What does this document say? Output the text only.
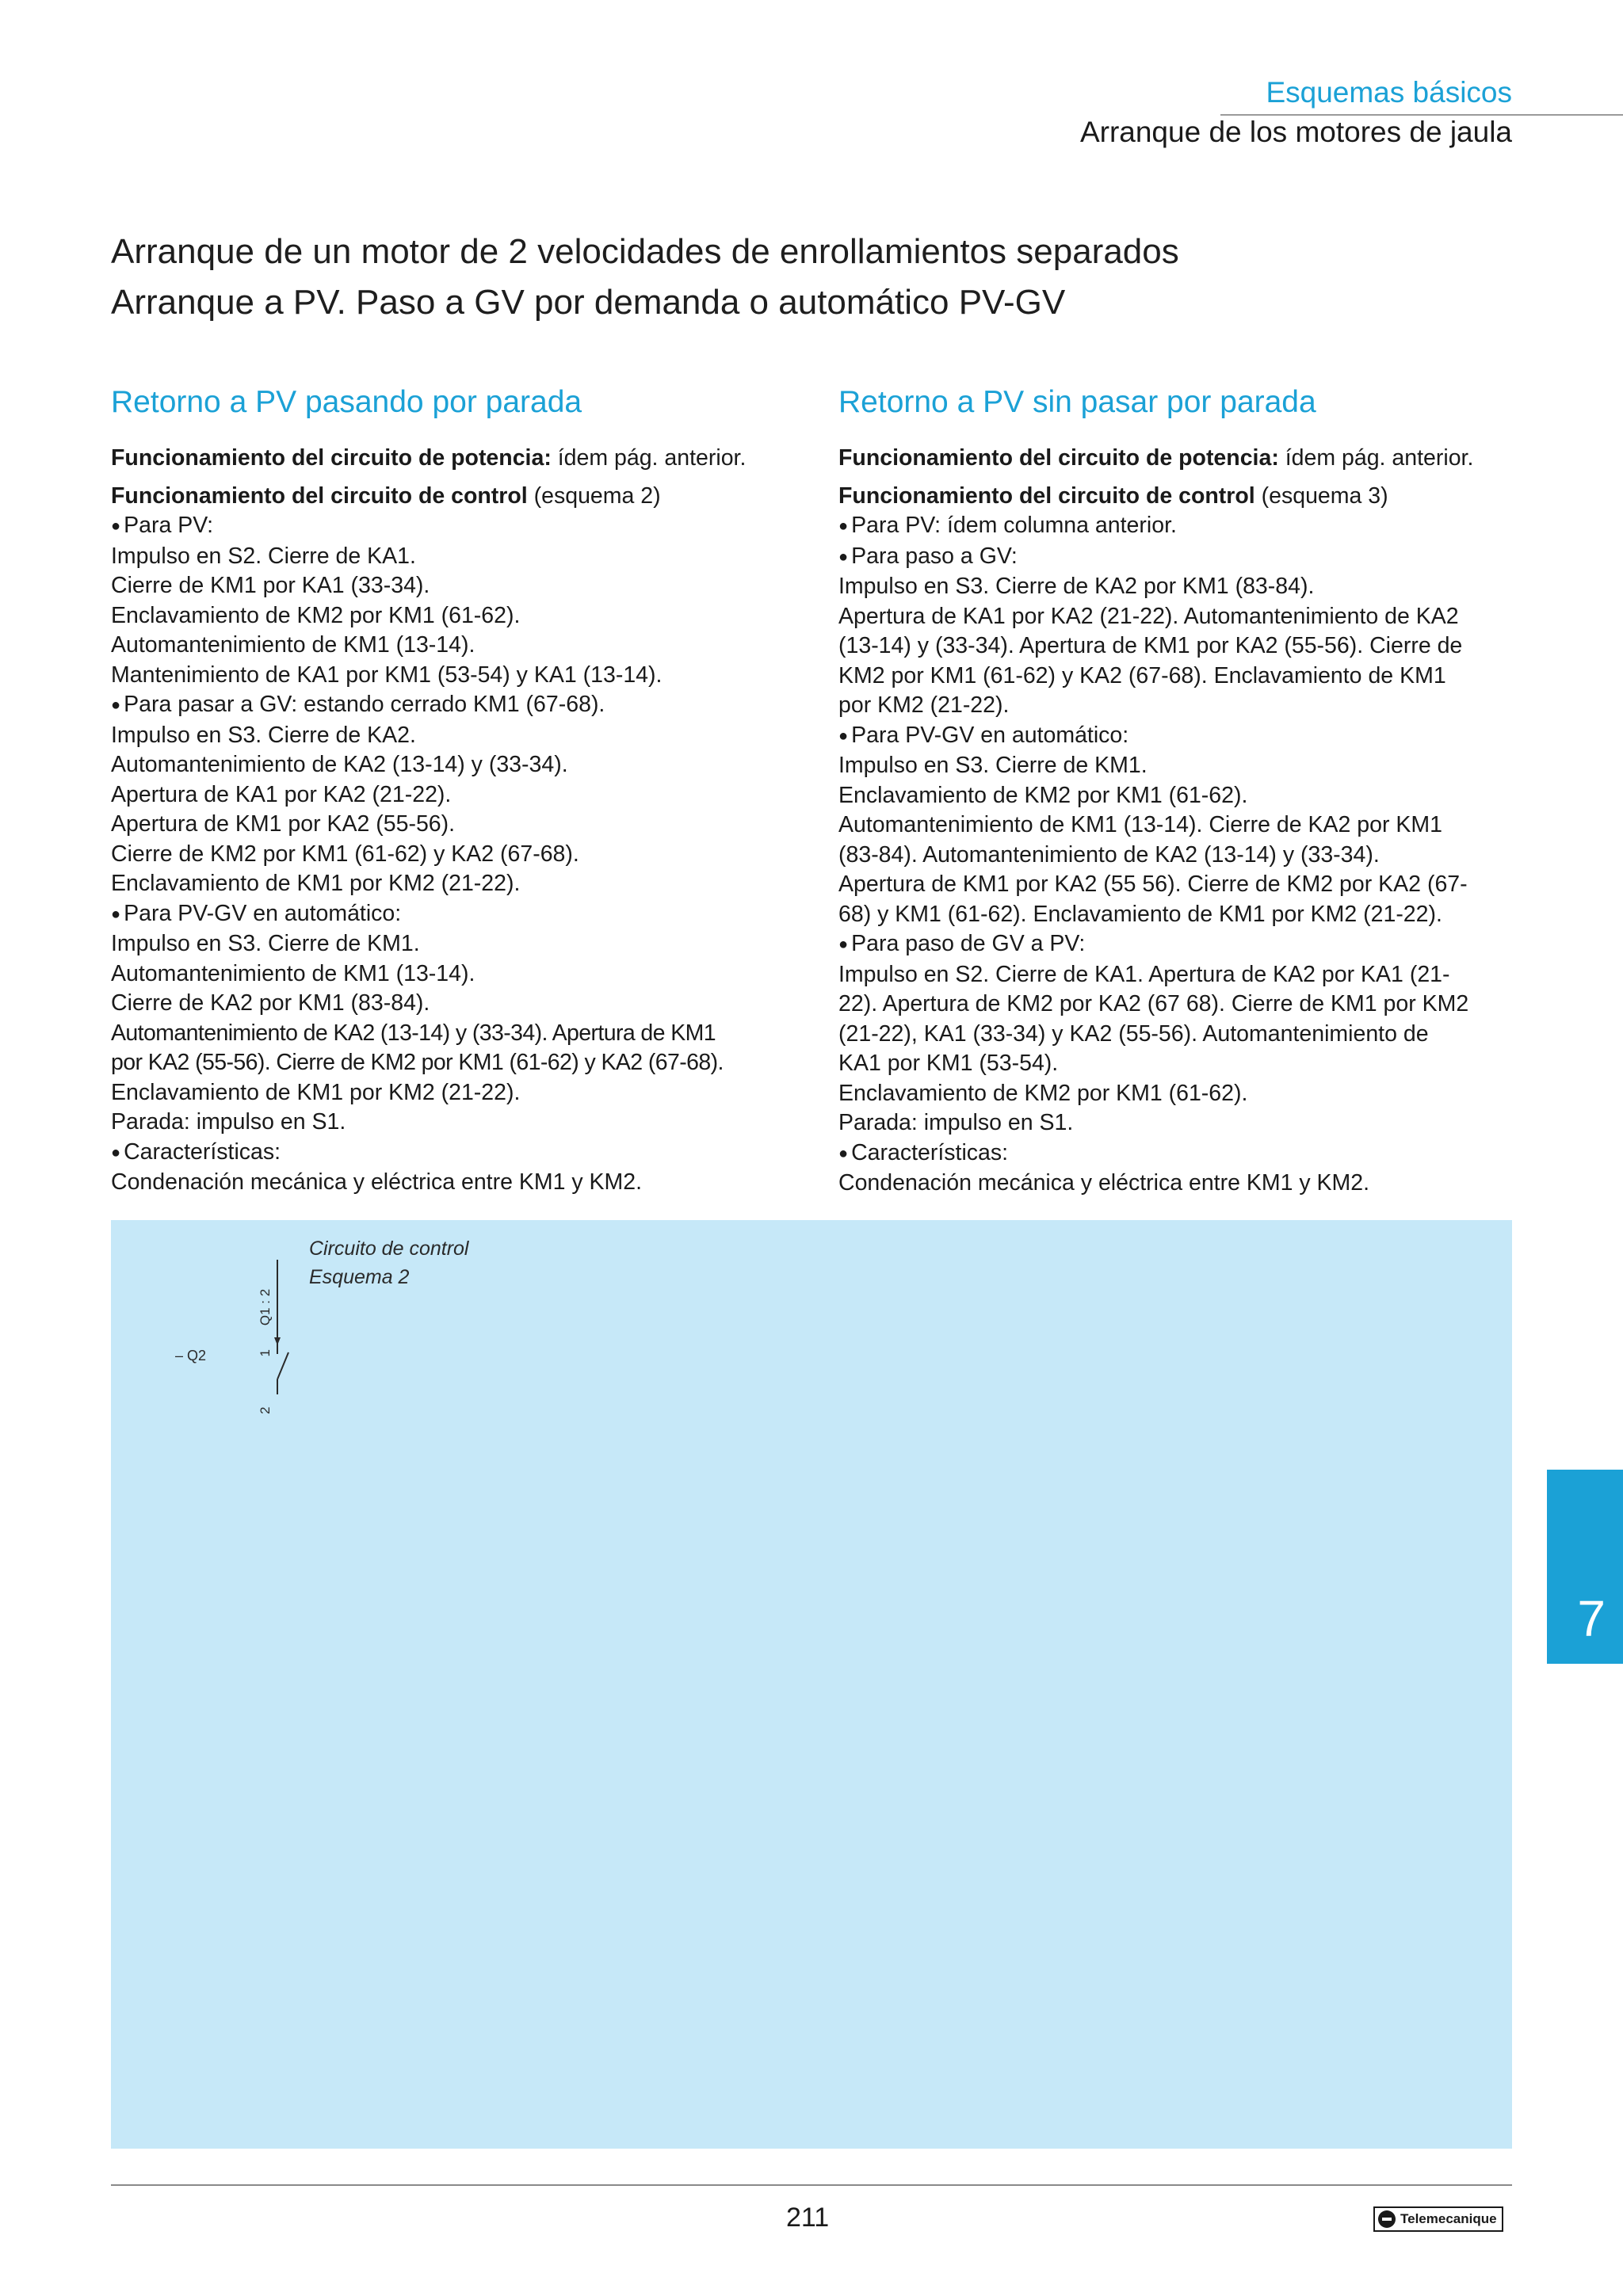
Esquemas básicos
Arranque de los motores de jaula
Arranque de un motor de 2 velocidades de enrollamientos separados
Arranque a PV. Paso a GV por demanda o automático PV-GV
Retorno a PV pasando por parada

Funcionamiento del circuito de potencia: ídem pág. anterior.

Funcionamiento del circuito de control (esquema 2)

● Para PV:

Impulso en S2. Cierre de KA1.

Cierre de KM1 por KA1 (33-34).

Enclavamiento de KM2 por KM1 (61-62).

Automantenimiento de KM1 (13-14).

Mantenimiento de KA1 por KM1 (53-54) y KA1 (13-14).

● Para pasar a GV: estando cerrado KM1 (67-68).

Impulso en S3. Cierre de KA2.

Automantenimiento de KA2 (13-14) y (33-34).

Apertura de KA1 por KA2 (21-22).

Apertura de KM1 por KA2 (55-56).

Cierre de KM2 por KM1 (61-62) y KA2 (67-68).

Enclavamiento de KM1 por KM2 (21-22).

● Para PV-GV en automático:

Impulso en S3. Cierre de KM1.

Automantenimiento de KM1 (13-14).

Cierre de KA2 por KM1 (83-84).

Automantenimiento de KA2 (13-14) y (33-34). Apertura de KM1

por KA2 (55-56). Cierre de KM2 por KM1 (61-62) y KA2 (67-68).

Enclavamiento de KM1 por KM2 (21-22).

Parada: impulso en S1.

● Características:

Condenación mecánica y eléctrica entre KM1 y KM2.

Retorno a PV sin pasar por parada

Funcionamiento del circuito de potencia: ídem pág. anterior.

Funcionamiento del circuito de control (esquema 3)

● Para PV: ídem columna anterior.

● Para paso a GV:

Impulso en S3. Cierre de KA2 por KM1 (83-84).

Apertura de KA1 por KA2 (21-22). Automantenimiento de KA2

(13-14) y (33-34). Apertura de KM1 por KA2 (55-56). Cierre de

KM2 por KM1 (61-62) y KA2 (67-68). Enclavamiento de KM1

por KM2 (21-22).

● Para PV-GV en automático:

Impulso en S3. Cierre de KM1.

Enclavamiento de KM2 por KM1 (61-62).

Automantenimiento de KM1 (13-14). Cierre de KA2 por KM1

(83-84). Automantenimiento de KA2 (13-14) y (33-34).

Apertura de KM1 por KA2 (55 56). Cierre de KM2 por KA2 (67-

68) y KM1 (61-62). Enclavamiento de KM1 por KM2 (21-22).

● Para paso de GV a PV:

Impulso en S2. Cierre de KA1. Apertura de KA2 por KA1 (21-

22). Apertura de KM2 por KA2 (67 68). Cierre de KM1 por KM2

(21-22), KA1 (33-34) y KA2 (55-56). Automantenimiento de

KA1 por KM1 (53-54).

Enclavamiento de KM2 por KM1 (61-62).

Parada: impulso en S1.

● Características:

Condenación mecánica y eléctrica entre KM1 y KM2.

Circuito de control
Esquema 2
Q1 : 2
1
2
– Q2
7
211	Telemecanique
